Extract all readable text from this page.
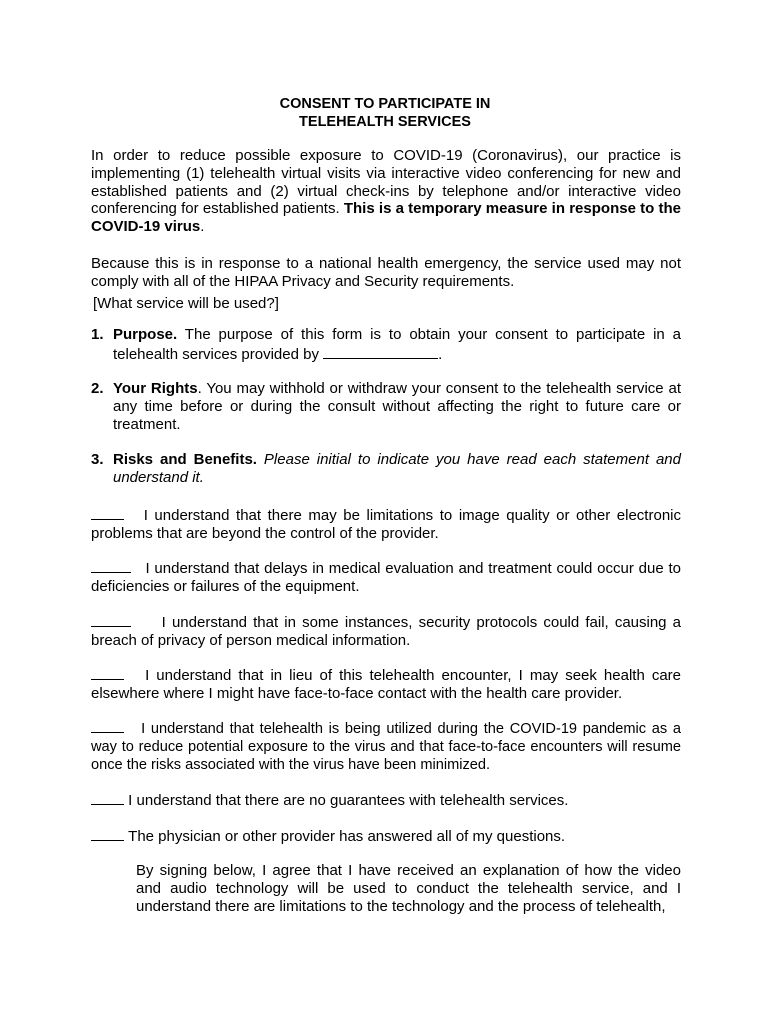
CONSENT TO PARTICIPATE IN
TELEHEALTH SERVICES
In order to reduce possible exposure to COVID-19 (Coronavirus), our practice is implementing (1) telehealth virtual visits via interactive video conferencing for new and established patients and (2) virtual check-ins by telephone and/or interactive video conferencing for established patients. This is a temporary measure in response to the COVID-19 virus.
Because this is in response to a national health emergency, the service used may not comply with all of the HIPAA Privacy and Security requirements.
[What service will be used?]
1. Purpose. The purpose of this form is to obtain your consent to participate in a telehealth services provided by	.
2. Your Rights. You may withhold or withdraw your consent to the telehealth service at any time before or during the consult without affecting the right to future care or treatment.
3. Risks and Benefits. Please initial to indicate you have read each statement and understand it.
I understand that there may be limitations to image quality or other electronic problems that are beyond the control of the provider.
I understand that delays in medical evaluation and treatment could occur due to deficiencies or failures of the equipment.
I understand that in some instances, security protocols could fail, causing a breach of privacy of person medical information.
I understand that in lieu of this telehealth encounter, I may seek health care elsewhere where I might have face-to-face contact with the health care provider.
I understand that telehealth is being utilized during the COVID-19 pandemic as a way to reduce potential exposure to the virus and that face-to-face encounters will resume once the risks associated with the virus have been minimized.
I understand that there are no guarantees with telehealth services.
The physician or other provider has answered all of my questions.
By signing below, I agree that I have received an explanation of how the video and audio technology will be used to conduct the telehealth service, and I understand there are limitations to the technology and the process of telehealth,
